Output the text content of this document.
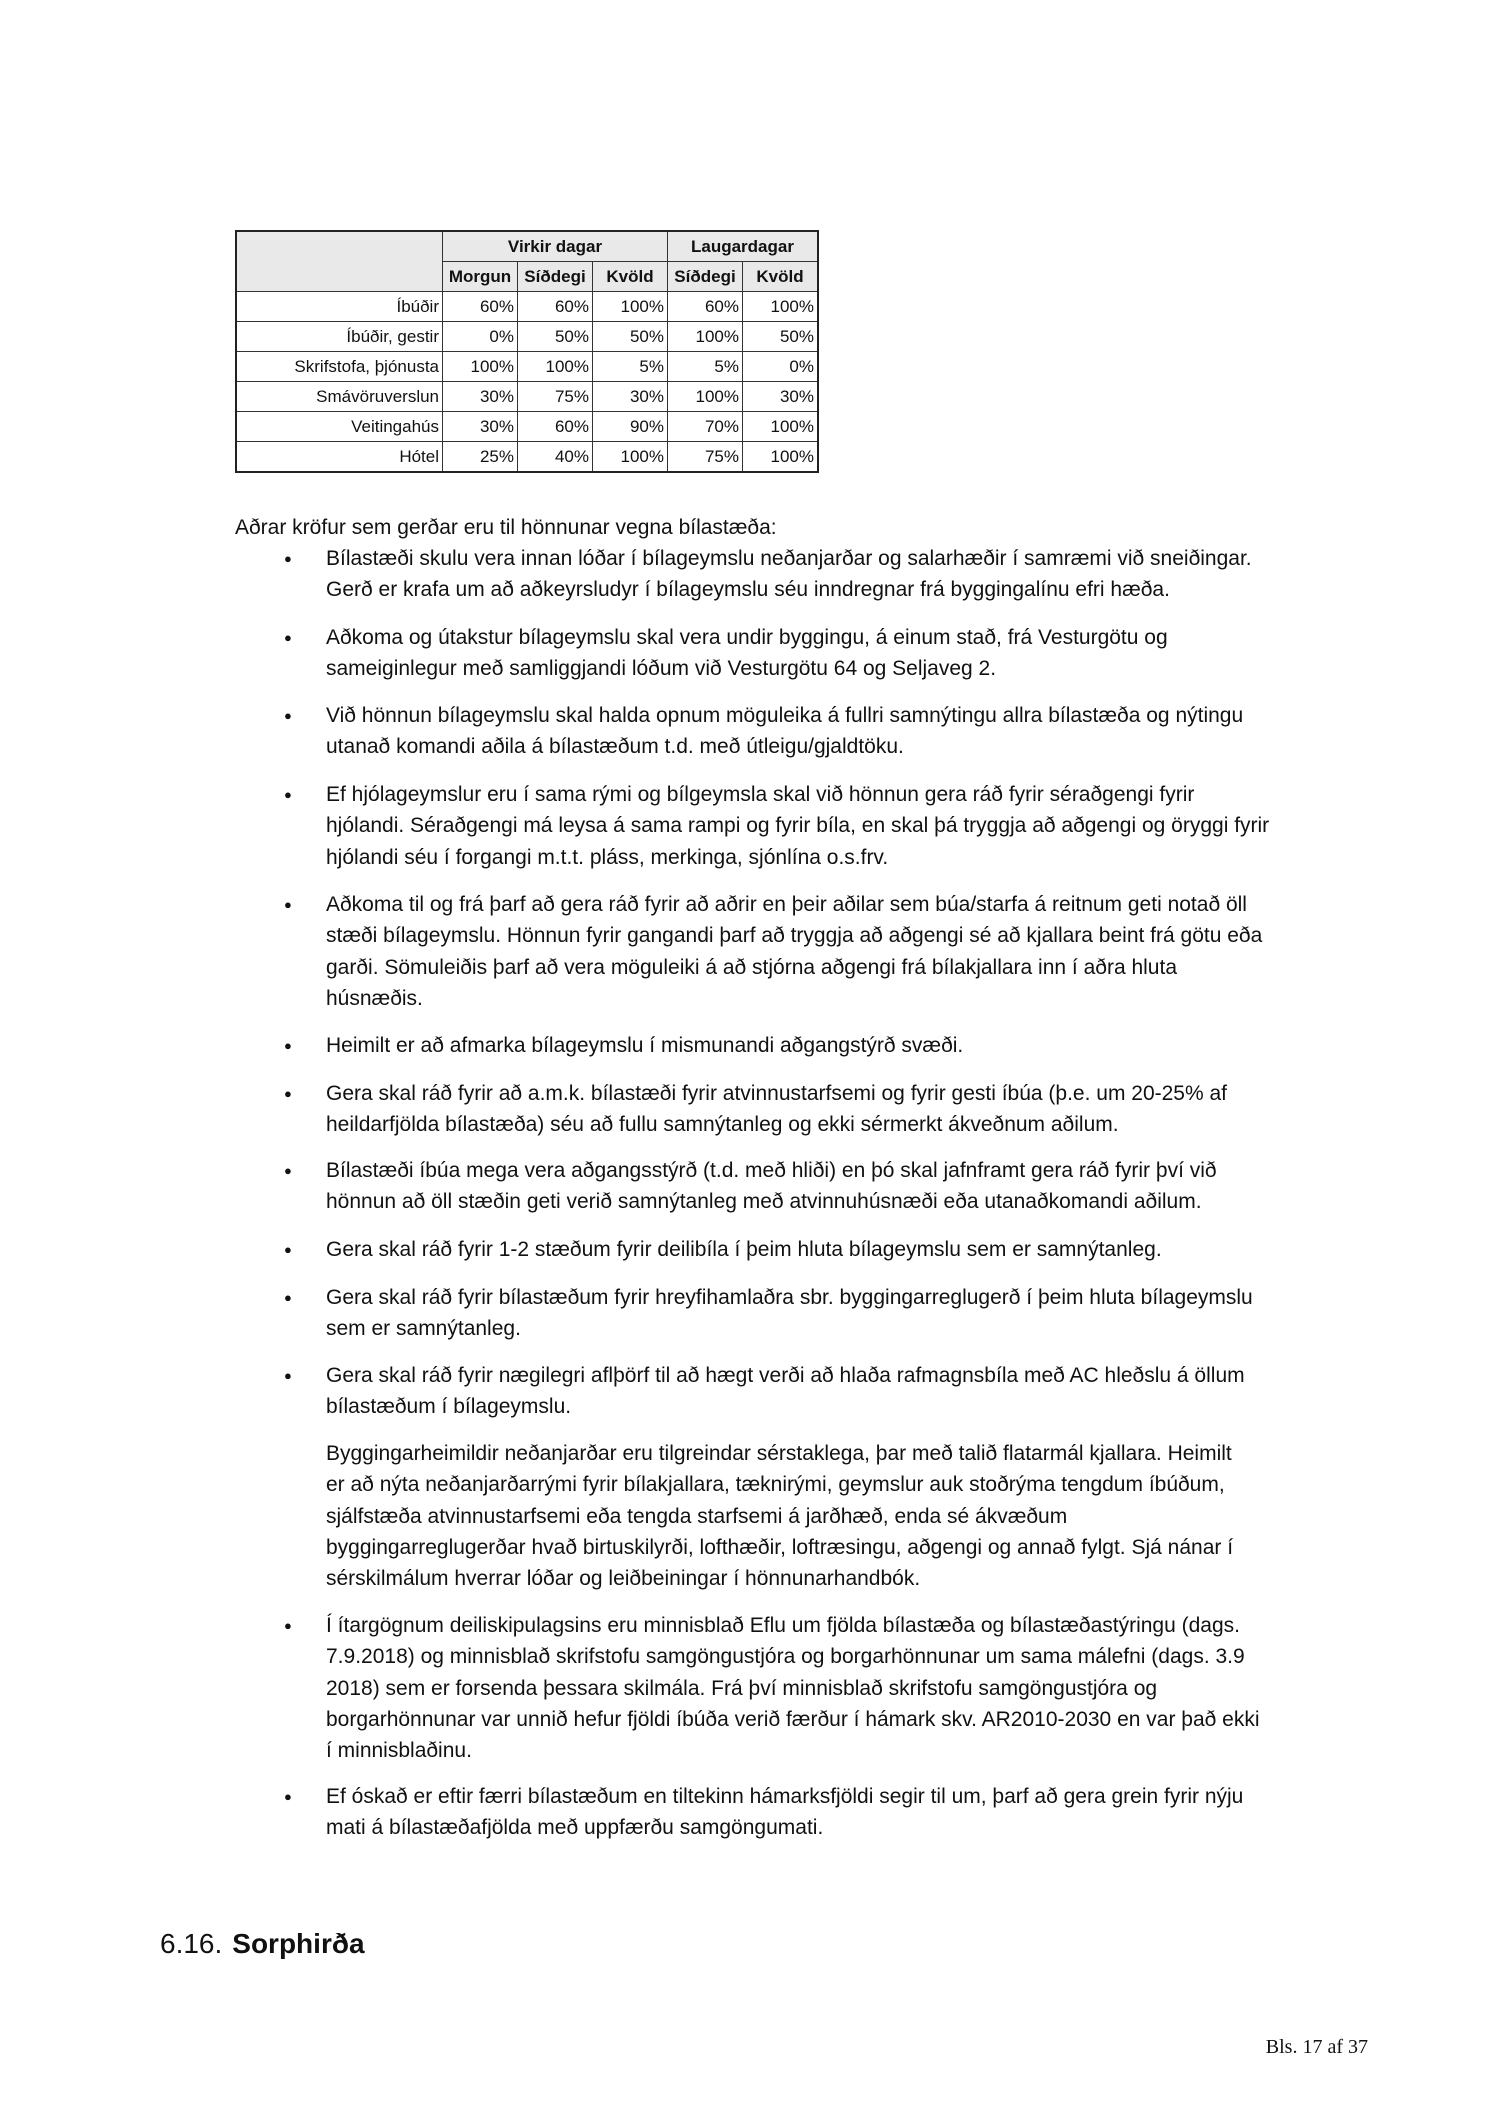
	Virkir dagar			Laugardagar	
	Morgun	Síðdegi	Kvöld	Síðdegi	Kvöld
Íbúðir	60%	60%	100%	60%	100%
Íbúðir, gestir	0%	50%	50%	100%	50%
Skrifstofa, þjónusta	100%	100%	5%	5%	0%
Smávöruverslun	30%	75%	30%	100%	30%
Veitingahús	30%	60%	90%	70%	100%
Hótel	25%	40%	100%	75%	100%
Aðrar kröfur sem gerðar eru til hönnunar vegna bílastæða:
● Bílastæði skulu vera innan lóðar í bílageymslu neðanjarðar og salarhæðir í samræmi við sneiðingar.
Gerð er krafa um að aðkeyrsludyr í bílageymslu séu inndregnar frá byggingalínu efri hæða.
● Aðkoma og útakstur bílageymslu skal vera undir byggingu, á einum stað, frá Vesturgötu og
sameiginlegur með samliggjandi lóðum við Vesturgötu 64 og Seljaveg 2.
● Við hönnun bílageymslu skal halda opnum möguleika á fullri samnýtingu allra bílastæða og nýtingu
utanað komandi aðila á bílastæðum t.d. með útleigu/gjaldtöku.
● Ef hjólageymslur eru í sama rými og bílgeymsla skal við hönnun gera ráð fyrir séraðgengi fyrir
hjólandi. Séraðgengi má leysa á sama rampi og fyrir bíla, en skal þá tryggja að aðgengi og öryggi fyrir
hjólandi séu í forgangi m.t.t. pláss, merkinga, sjónlína o.s.frv.
● Aðkoma til og frá þarf að gera ráð fyrir að aðrir en þeir aðilar sem búa/starfa á reitnum geti notað öll
stæði bílageymslu. Hönnun fyrir gangandi þarf að tryggja að aðgengi sé að kjallara beint frá götu eða
garði. Sömuleiðis þarf að vera möguleiki á að stjórna aðgengi frá bílakjallara inn í aðra hluta
húsnæðis.
● Heimilt er að afmarka bílageymslu í mismunandi aðgangstýrð svæði.
● Gera skal ráð fyrir að a.m.k. bílastæði fyrir atvinnustarfsemi og fyrir gesti íbúa (þ.e. um 20-25% af
heildarfjölda bílastæða) séu að fullu samnýtanleg og ekki sérmerkt ákveðnum aðilum.
● Bílastæði íbúa mega vera aðgangsstýrð (t.d. með hliði) en þó skal jafnframt gera ráð fyrir því við
hönnun að öll stæðin geti verið samnýtanleg með atvinnuhúsnæði eða utanaðkomandi aðilum.
● Gera skal ráð fyrir 1-2 stæðum fyrir deilibíla í þeim hluta bílageymslu sem er samnýtanleg.
● Gera skal ráð fyrir bílastæðum fyrir hreyfihamlaðra sbr. byggingarreglugerð í þeim hluta bílageymslu
sem er samnýtanleg.
● Gera skal ráð fyrir nægilegri aflþörf til að hægt verði að hlaða rafmagnsbíla með AC hleðslu á öllum
bílastæðum í bílageymslu.
Byggingarheimildir neðanjarðar eru tilgreindar sérstaklega, þar með talið flatarmál kjallara. Heimilt
er að nýta neðanjarðarrými fyrir bílakjallara, tæknirými, geymslur auk stoðrýma tengdum íbúðum,
sjálfstæða atvinnustarfsemi eða tengda starfsemi á jarðhæð, enda sé ákvæðum
byggingarreglugerðar hvað birtuskilyrði, lofthæðir, loftræsingu, aðgengi og annað fylgt. Sjá nánar í
sérskilmálum hverrar lóðar og leiðbeiningar í hönnunarhandbók.
● Í ítargögnum deiliskipulagsins eru minnisblað Eflu um fjölda bílastæða og bílastæðastýringu (dags.
7.9.2018) og minnisblað skrifstofu samgöngustjóra og borgarhönnunar um sama málefni (dags. 3.9
2018) sem er forsenda þessara skilmála. Frá því minnisblað skrifstofu samgöngustjóra og
borgarhönnunar var unnið hefur fjöldi íbúða verið færður í hámark skv. AR2010-2030 en var það ekki
í minnisblaðinu.
● Ef óskað er eftir færri bílastæðum en tiltekinn hámarksfjöldi segir til um, þarf að gera grein fyrir nýju
mati á bílastæðafjölda með uppfærðu samgöngumati.
6.16. Sorphirða
Bls. 17 af 37
